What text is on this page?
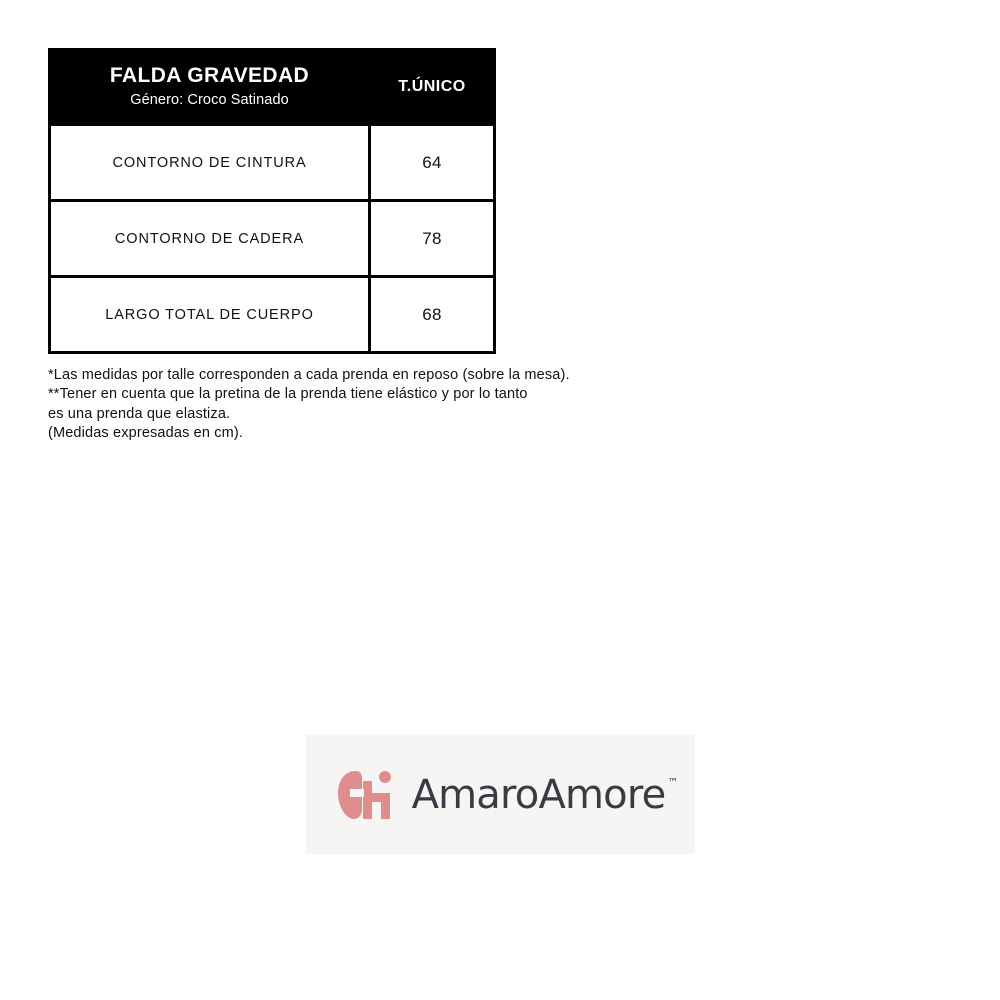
FALDA GRAVEDAD
Género: Croco Satinado	T.ÚNICO

CONTORNO DE CINTURA	64
CONTORNO DE CADERA	78
LARGO TOTAL DE CUERPO	68
*Las medidas por talle corresponden a cada prenda en reposo (sobre la mesa).
**Tener en cuenta que la pretina de la prenda tiene elástico y por lo tanto
es una prenda que elastiza.
(Medidas expresadas en cm).
AmaroAmore ™
